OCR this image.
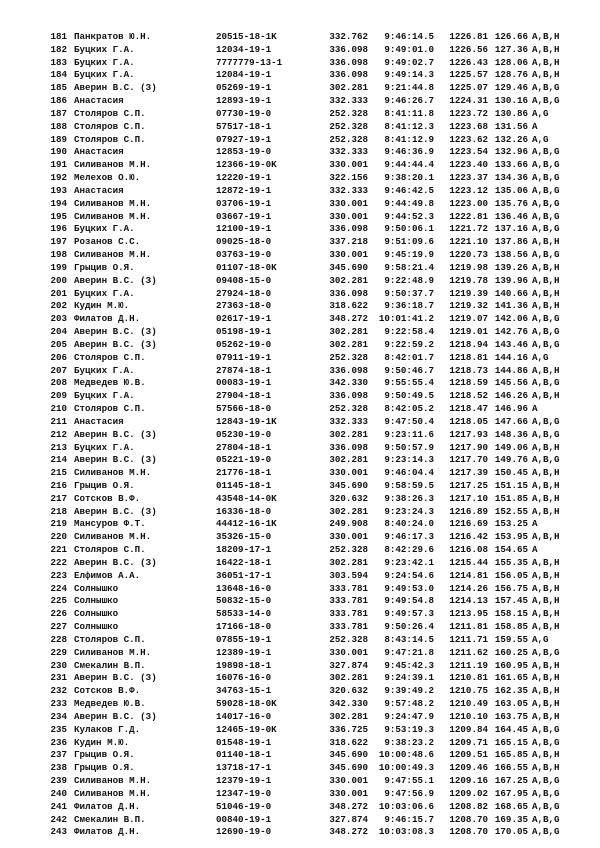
181 Панкратов Ю.Н.	20515-18-1K	332.762	9:46:14.5	1226.81 126.66 A,B,H
182 Буцких Г.А.	12034-19-1	336.098	9:49:01.0	1226.56 127.36 A,B,H
183 Буцких Г.А.	7777779-13-1	336.098	9:49:02.7	1226.43 128.06 A,B,H
184 Буцких Г.А.	12084-19-1	336.098	9:49:14.3	1225.57 128.76 A,B,H
185 Аверин В.С. (З)	05269-19-1	302.281	9:21:44.8	1225.07 129.46 A,B,G
186 Анастасия	12893-19-1	332.333	9:46:26.7	1224.31 130.16 A,B,G
187 Столяров С.П.	07730-19-0	252.328	8:41:11.8	1223.72 130.86 A,G
188 Столяров С.П.	57517-18-1	252.328	8:41:12.3	1223.68 131.56 A
189 Столяров С.П.	07927-19-1	252.328	8:41:12.9	1223.62 132.26 A,G
190 Анастасия	12853-19-0	332.333	9:46:36.9	1223.54 132.96 A,B,G
191 Силиванов М.Н.	12366-19-0K	330.001	9:44:44.4	1223.40 133.66 A,B,G
192 Мелехов О.Ю.	12220-19-1	322.156	9:38:20.1	1223.37 134.36 A,B,G
193 Анастасия	12872-19-1	332.333	9:46:42.5	1223.12 135.06 A,B,G
194 Силиванов М.Н.	03706-19-1	330.001	9:44:49.8	1223.00 135.76 A,B,G
195 Силиванов М.Н.	03667-19-1	330.001	9:44:52.3	1222.81 136.46 A,B,G
196 Буцких Г.А.	12100-19-1	336.098	9:50:06.1	1221.72 137.16 A,B,G
197 Розанов С.С.	09025-18-0	337.218	9:51:09.6	1221.10 137.86 A,B,H
198 Силиванов М.Н.	03763-19-0	330.001	9:45:19.9	1220.73 138.56 A,B,G
199 Грыцив О.Я.	01107-18-0K	345.690	9:58:21.4	1219.98 139.26 A,B,H
200 Аверин В.С. (З)	09408-15-0	302.281	9:22:48.9	1219.78 139.96 A,B,H
201 Буцких Г.А.	27924-18-0	336.098	9:50:37.7	1219.39 140.66 A,B,H
202 Кудин М.Ю.	27363-18-0	318.622	9:36:18.7	1219.32 141.36 A,B,H
203 Филатов Д.Н.	02617-19-1	348.272	10:01:41.2	1219.07 142.06 A,B,G
204 Аверин В.С. (З)	05198-19-1	302.281	9:22:58.4	1219.01 142.76 A,B,G
205 Аверин В.С. (З)	05262-19-0	302.281	9:22:59.2	1218.94 143.46 A,B,G
206 Столяров С.П.	07911-19-1	252.328	8:42:01.7	1218.81 144.16 A,G
207 Буцких Г.А.	27874-18-1	336.098	9:50:46.7	1218.73 144.86 A,B,H
208 Медведев Ю.В.	00083-19-1	342.330	9:55:55.4	1218.59 145.56 A,B,G
209 Буцких Г.А.	27904-18-1	336.098	9:50:49.5	1218.52 146.26 A,B,H
210 Столяров С.П.	57566-18-0	252.328	8:42:05.2	1218.47 146.96 A
211 Анастасия	12843-19-1K	332.333	9:47:50.4	1218.05 147.66 A,B,G
212 Аверин В.С. (З)	05230-19-0	302.281	9:23:11.6	1217.93 148.36 A,B,G
213 Буцких Г.А.	27804-18-1	336.098	9:50:57.9	1217.90 149.06 A,B,H
214 Аверин В.С. (З)	05221-19-0	302.281	9:23:14.3	1217.70 149.76 A,B,G
215 Силиванов М.Н.	21776-18-1	330.001	9:46:04.4	1217.39 150.45 A,B,H
216 Грыцив О.Я.	01145-18-1	345.690	9:58:59.5	1217.25 151.15 A,B,H
217 Сотсков В.Ф.	43548-14-0K	320.632	9:38:26.3	1217.10 151.85 A,B,H
218 Аверин В.С. (З)	16336-18-0	302.281	9:23:24.3	1216.89 152.55 A,B,H
219 Мансуров Ф.Т.	44412-16-1K	249.908	8:40:24.0	1216.69 153.25 A
220 Силиванов М.Н.	35326-15-0	330.001	9:46:17.3	1216.42 153.95 A,B,H
221 Столяров С.П.	18209-17-1	252.328	8:42:29.6	1216.08 154.65 A
222 Аверин В.С. (З)	16422-18-1	302.281	9:23:42.1	1215.44 155.35 A,B,H
223 Елфимов А.А.	36051-17-1	303.594	9:24:54.6	1214.81 156.05 A,B,H
224 Солнышко	13648-16-0	333.781	9:49:53.0	1214.26 156.75 A,B,H
225 Солнышко	50832-15-0	333.781	9:49:54.8	1214.13 157.45 A,B,H
226 Солнышко	58533-14-0	333.781	9:49:57.3	1213.95 158.15 A,B,H
227 Солнышко	17166-18-0	333.781	9:50:26.4	1211.81 158.85 A,B,H
228 Столяров С.П.	07855-19-1	252.328	8:43:14.5	1211.71 159.55 A,G
229 Силиванов М.Н.	12389-19-1	330.001	9:47:21.8	1211.62 160.25 A,B,G
230 Смекалин В.П.	19898-18-1	327.874	9:45:42.3	1211.19 160.95 A,B,H
231 Аверин В.С. (З)	16076-16-0	302.281	9:24:39.1	1210.81 161.65 A,B,H
232 Сотсков В.Ф.	34763-15-1	320.632	9:39:49.2	1210.75 162.35 A,B,H
233 Медведев Ю.В.	59028-18-0K	342.330	9:57:48.2	1210.49 163.05 A,B,H
234 Аверин В.С. (З)	14017-16-0	302.281	9:24:47.9	1210.10 163.75 A,B,H
235 Кулаков Г.Д.	12465-19-0K	336.725	9:53:19.3	1209.84 164.45 A,B,G
236 Кудин М.Ю.	01548-19-1	318.622	9:38:23.2	1209.71 165.15 A,B,G
237 Грыцив О.Я.	01140-18-1	345.690	10:00:48.6	1209.51 165.85 A,B,H
238 Грыцив О.Я.	13718-17-1	345.690	10:00:49.3	1209.46 166.55 A,B,H
239 Силиванов М.Н.	12379-19-1	330.001	9:47:55.1	1209.16 167.25 A,B,G
240 Силиванов М.Н.	12347-19-0	330.001	9:47:56.9	1209.02 167.95 A,B,G
241 Филатов Д.Н.	51046-19-0	348.272	10:03:06.6	1208.82 168.65 A,B,G
242 Смекалин В.П.	00840-19-1	327.874	9:46:15.7	1208.70 169.35 A,B,G
243 Филатов Д.Н.	12690-19-0	348.272	10:03:08.3	1208.70 170.05 A,B,G
